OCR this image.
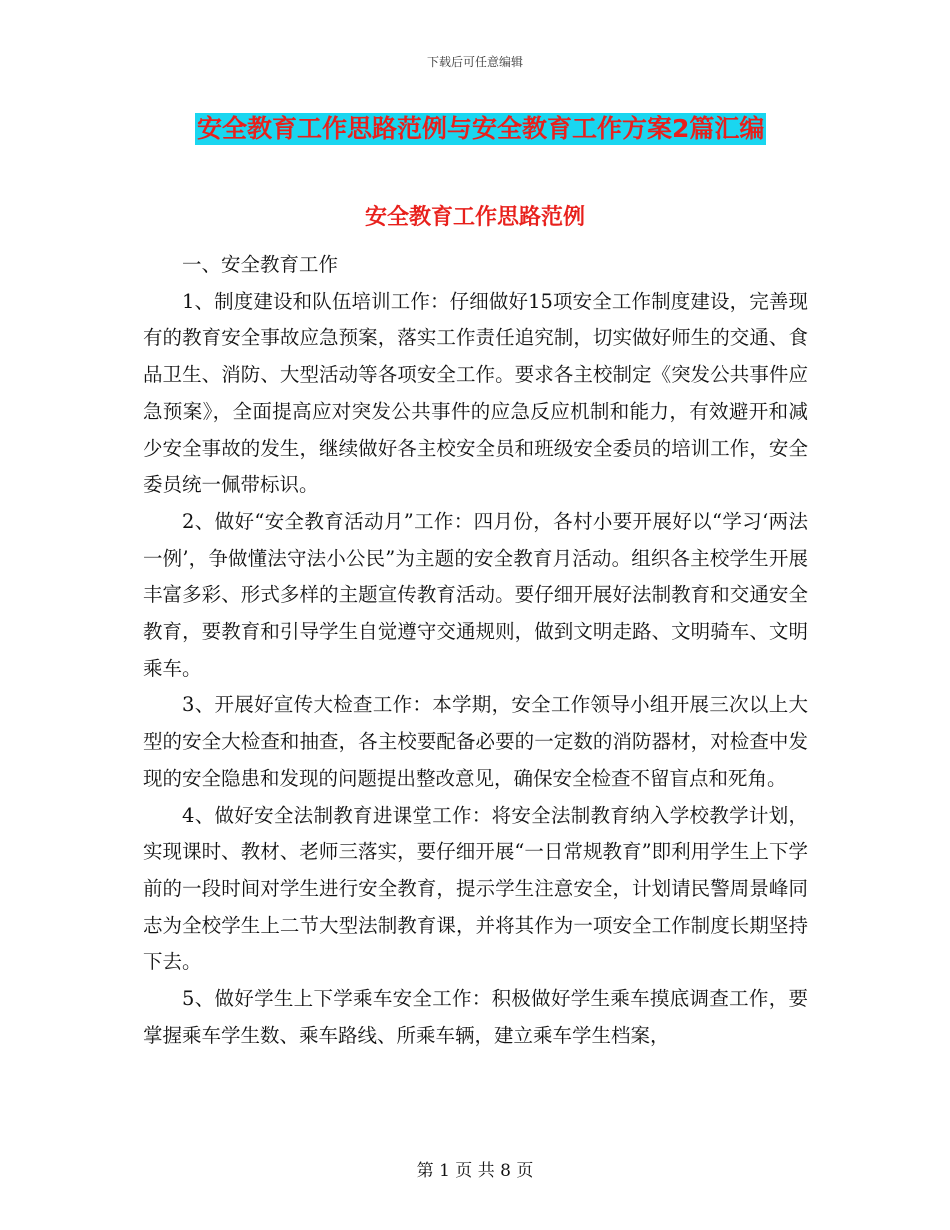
下载后可任意编辑
安全教育工作思路范例与安全教育工作方案2篇汇编
安全教育工作思路范例

一、安全教育工作

1、制度建设和队伍培训工作：仔细做好15项安全工作制度建设，完善现有的教育安全事故应急预案，落实工作责任追究制，切实做好师生的交通、食品卫生、消防、大型活动等各项安全工作。要求各主校制定《突发公共事件应急预案》，全面提高应对突发公共事件的应急反应机制和能力，有效避开和减少安全事故的发生，继续做好各主校安全员和班级安全委员的培训工作，安全委员统一佩带标识。

2、做好“安全教育活动月”工作：四月份，各村小要开展好以“学习‘两法一例’，争做懂法守法小公民”为主题的安全教育月活动。组织各主校学生开展丰富多彩、形式多样的主题宣传教育活动。要仔细开展好法制教育和交通安全教育，要教育和引导学生自觉遵守交通规则，做到文明走路、文明骑车、文明乘车。

3、开展好宣传大检查工作：本学期，安全工作领导小组开展三次以上大型的安全大检查和抽查，各主校要配备必要的一定数的消防器材，对检查中发现的安全隐患和发现的问题提出整改意见，确保安全检查不留盲点和死角。

4、做好安全法制教育进课堂工作：将安全法制教育纳入学校教学计划，实现课时、教材、老师三落实，要仔细开展“一日常规教育”即利用学生上下学前的一段时间对学生进行安全教育，提示学生注意安全，计划请民警周景峰同志为全校学生上二节大型法制教育课，并将其作为一项安全工作制度长期坚持下去。

5、做好学生上下学乘车安全工作：积极做好学生乘车摸底调查工作，要掌握乘车学生数、乘车路线、所乘车辆，建立乘车学生档案，

第 1 页 共 8 页
